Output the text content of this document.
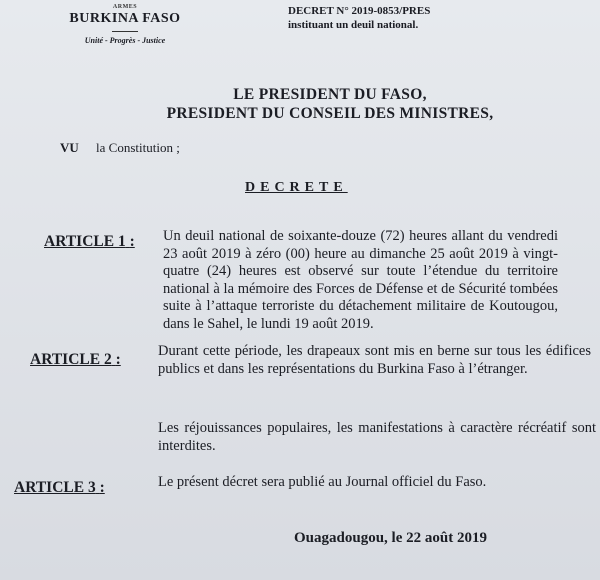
ARMES
BURKINA FASO
Unité - Progrès - Justice
DECRET N° 2019-0853/PRES
instituant un deuil national.
LE PRESIDENT DU FASO,
PRESIDENT DU CONSEIL DES MINISTRES,
VU la Constitution ;
DECRETE
ARTICLE 1 : Un deuil national de soixante-douze (72) heures allant du vendredi 23 août 2019 à zéro (00) heure au dimanche 25 août 2019 à vingt-quatre (24) heures est observé sur toute l’étendue du territoire national à la mémoire des Forces de Défense et de Sécurité tombées suite à l’attaque terroriste du détachement militaire de Koutougou, dans le Sahel, le lundi 19 août 2019.
ARTICLE 2 :	Durant cette période, les drapeaux sont mis en berne sur tous les édifices publics et dans les représentations du Burkina Faso à l’étranger.
Les réjouissances populaires, les manifestations à caractère récréatif sont interdites.
ARTICLE 3 :	Le présent décret sera publié au Journal officiel du Faso.
Ouagadougou, le 22 août 2019
